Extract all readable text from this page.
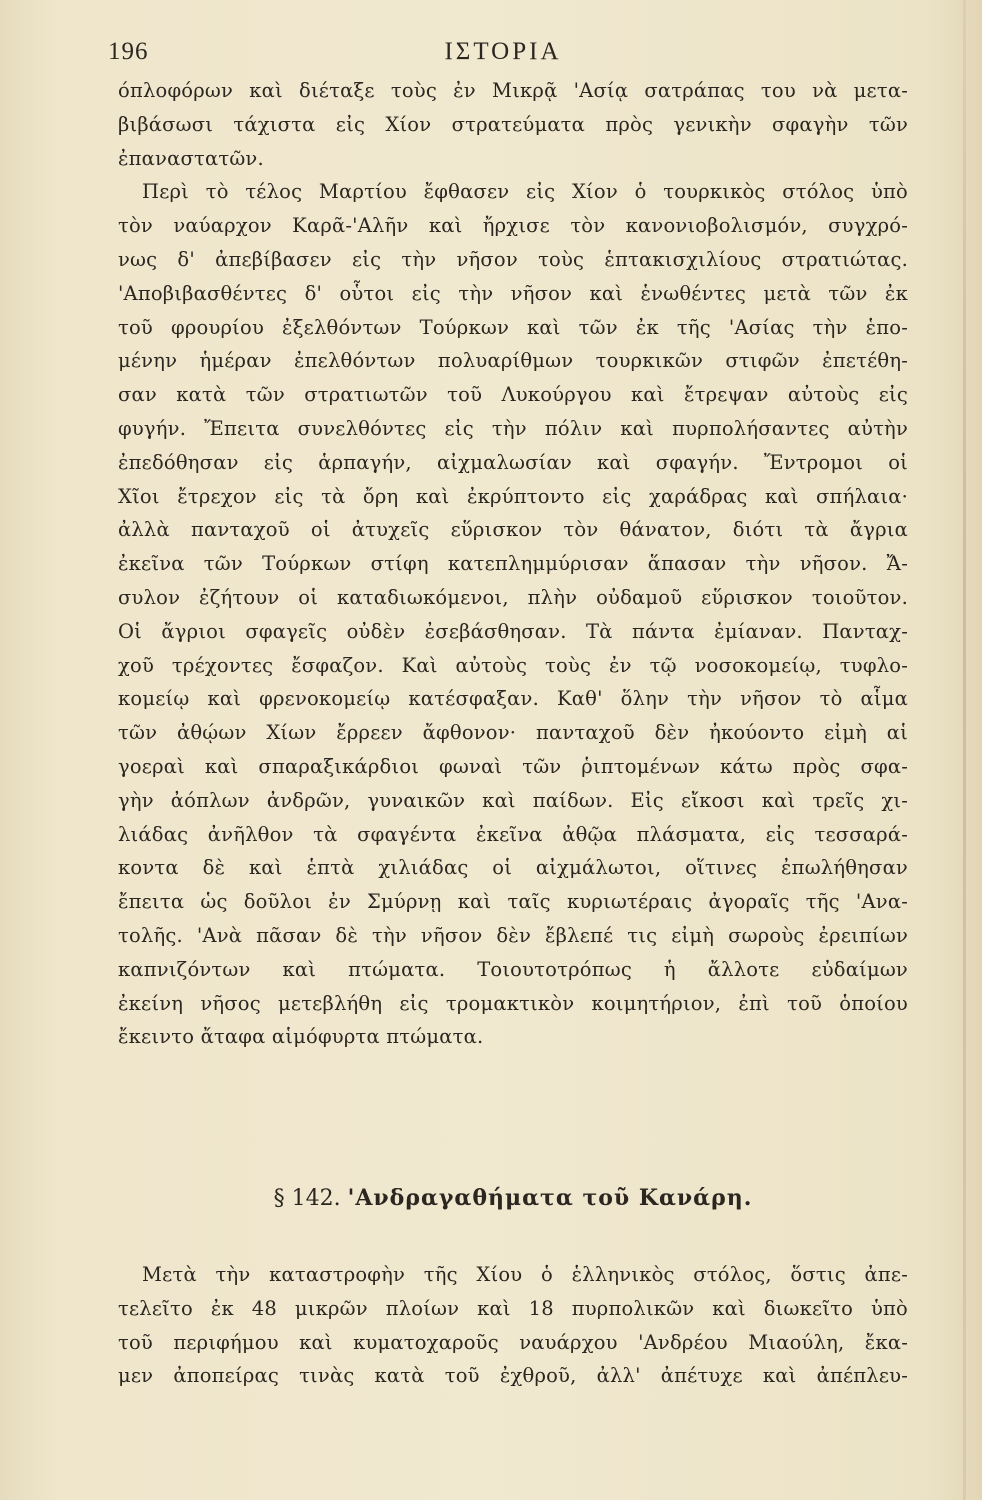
196	ΙΣΤΟΡΙΑ
όπλοφόρων καὶ διέταξε τοὺς ἐν Μικρᾷ 'Ασίᾳ σατράπας του νὰ μετα-
βιβάσωσι τάχιστα εἰς Χίον στρατεύματα πρὸς γενικὴν σφαγὴν τῶν
ἐπαναστατῶν.
Περὶ τὸ τέλος Μαρτίου ἔφθασεν εἰς Χίον ὁ τουρκικὸς στόλος ὑπὸ
τὸν ναύαρχον Καρᾶ-'Αλῆν καὶ ἤρχισε τὸν κανονιοβολισμόν, συγχρό-
νως δ' ἀπεβίβασεν εἰς τὴν νῆσον τοὺς ἑπτακισχιλίους στρατιώτας.
'Αποβιβασθέντες δ' οὗτοι εἰς τὴν νῆσον καὶ ἑνωθέντες μετὰ τῶν ἐκ
τοῦ φρουρίου ἐξελθόντων Τούρκων καὶ τῶν ἐκ τῆς 'Ασίας τὴν ἑπο-
μένην ἡμέραν ἐπελθόντων πολυαρίθμων τουρκικῶν στιφῶν ἐπετέθη-
σαν κατὰ τῶν στρατιωτῶν τοῦ Λυκούργου καὶ ἔτρεψαν αὐτοὺς εἰς
φυγήν. Ἔπειτα συνελθόντες εἰς τὴν πόλιν καὶ πυρπολήσαντες αὐτὴν
ἐπεδόθησαν εἰς ἁρπαγήν, αἰχμαλωσίαν καὶ σφαγήν. Ἔντρομοι οἱ
Χῖοι ἔτρεχον εἰς τὰ ὄρη καὶ ἐκρύπτοντο εἰς χαράδρας καὶ σπήλαια·
ἀλλὰ πανταχοῦ οἱ ἀτυχεῖς εὕρισκον τὸν θάνατον, διότι τὰ ἄγρια
ἐκεῖνα τῶν Τούρκων στίφη κατεπλημμύρισαν ἅπασαν τὴν νῆσον. Ἄ-
συλον ἐζήτουν οἱ καταδιωκόμενοι, πλὴν οὐδαμοῦ εὕρισκον τοιοῦτον.
Οἱ ἄγριοι σφαγεῖς οὐδὲν ἐσεβάσθησαν. Τὰ πάντα ἐμίαναν. Πανταχ-
χοῦ τρέχοντες ἔσφαζον. Καὶ αὐτοὺς τοὺς ἐν τῷ νοσοκομείῳ, τυφλο-
κομείῳ καὶ φρενοκομείῳ κατέσφαξαν. Καθ' ὅλην τὴν νῆσον τὸ αἷμα
τῶν ἀθῴων Χίων ἔρρεεν ἄφθονον· πανταχοῦ δὲν ἠκούοντο εἰμὴ αἱ
γοεραὶ καὶ σπαραξικάρδιοι φωναὶ τῶν ῥιπτομένων κάτω πρὸς σφα-
γὴν ἀόπλων ἀνδρῶν, γυναικῶν καὶ παίδων. Εἰς εἴκοσι καὶ τρεῖς χι-
λιάδας ἀνῆλθον τὰ σφαγέντα ἐκεῖνα ἀθῷα πλάσματα, εἰς τεσσαρά-
κοντα δὲ καὶ ἑπτὰ χιλιάδας οἱ αἰχμάλωτοι, οἵτινες ἐπωλήθησαν
ἔπειτα ὡς δοῦλοι ἐν Σμύρνῃ καὶ ταῖς κυριωτέραις ἀγοραῖς τῆς 'Ανα-
τολῆς. 'Ανὰ πᾶσαν δὲ τὴν νῆσον δὲν ἔβλεπέ τις εἰμὴ σωροὺς ἐρειπίων
καπνιζόντων καὶ πτώματα. Τοιουτοτρόπως ἡ ἄλλοτε εὐδαίμων
ἐκείνη νῆσος μετεβλήθη εἰς τρομακτικὸν κοιμητήριον, ἐπὶ τοῦ ὁποίου
ἔκειντο ἄταφα αἱμόφυρτα πτώματα.
§ 142. 'Ανδραγαθήματα τοῦ Κανάρη.
Μετὰ τὴν καταστροφὴν τῆς Χίου ὁ ἑλληνικὸς στόλος, ὅστις ἀπε-
τελεῖτο ἐκ 48 μικρῶν πλοίων καὶ 18 πυρπολικῶν καὶ διωκεῖτο ὑπὸ
τοῦ περιφήμου καὶ κυματοχαροῦς ναυάρχου 'Ανδρέου Μιαούλη, ἔκα-
μεν ἀποπείρας τινὰς κατὰ τοῦ ἐχθροῦ, ἀλλ' ἀπέτυχε καὶ ἀπέπλευ-
